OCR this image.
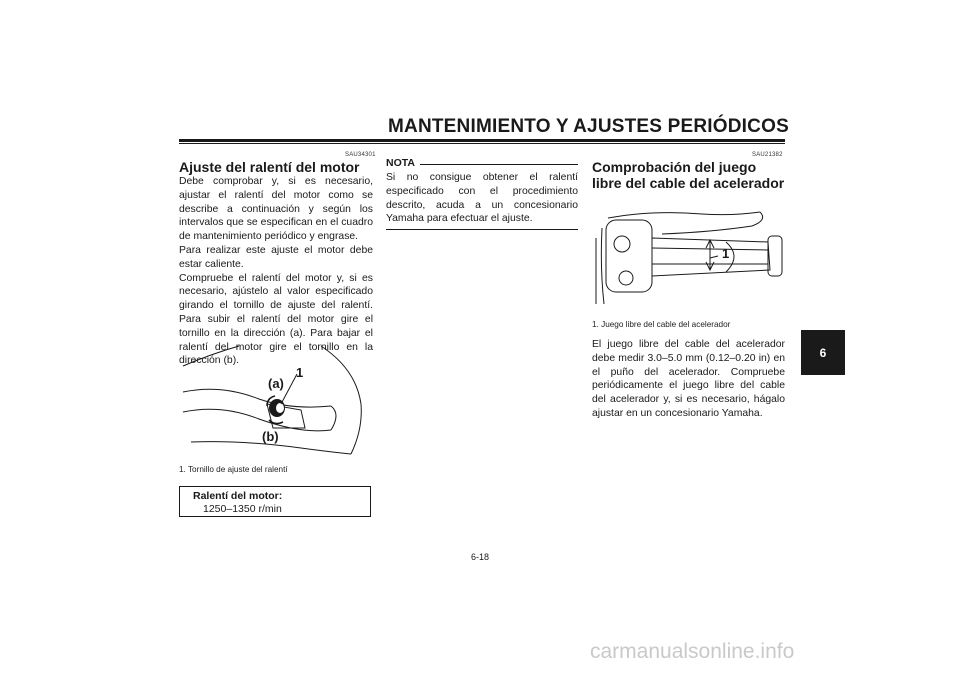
MANTENIMIENTO Y AJUSTES PERIÓDICOS
SAU34301
Ajuste del ralentí del motor

Debe comprobar y, si es necesario, ajustar el ralentí del motor como se describe a continuación y según los intervalos que se especifican en el cuadro de mantenimiento periódico y engrase.

Para realizar este ajuste el motor debe estar caliente.

Compruebe el ralentí del motor y, si es necesario, ajústelo al valor especificado girando el tornillo de ajuste del ralentí. Para subir el ralentí del motor gire el tornillo en la dirección (a). Para bajar el ralentí del motor gire el tornillo en la dirección (b).

(a)
1
(b)
1. Tornillo de ajuste del ralentí
Ralentí del motor:
1250–1350 r/min
NOTA
Si no consigue obtener el ralentí especificado con el procedimiento descrito, acuda a un concesionario Yamaha para efectuar el ajuste.
SAU21382
Comprobación del juego libre del cable del acelerador
1
1. Juego libre del cable del acelerador
El juego libre del cable del acelerador debe medir 3.0–5.0 mm (0.12–0.20 in) en el puño del acelerador. Compruebe periódicamente el juego libre del cable del acelerador y, si es necesario, hágalo ajustar en un concesionario Yamaha.
6
6-18
carmanualsonline.info
